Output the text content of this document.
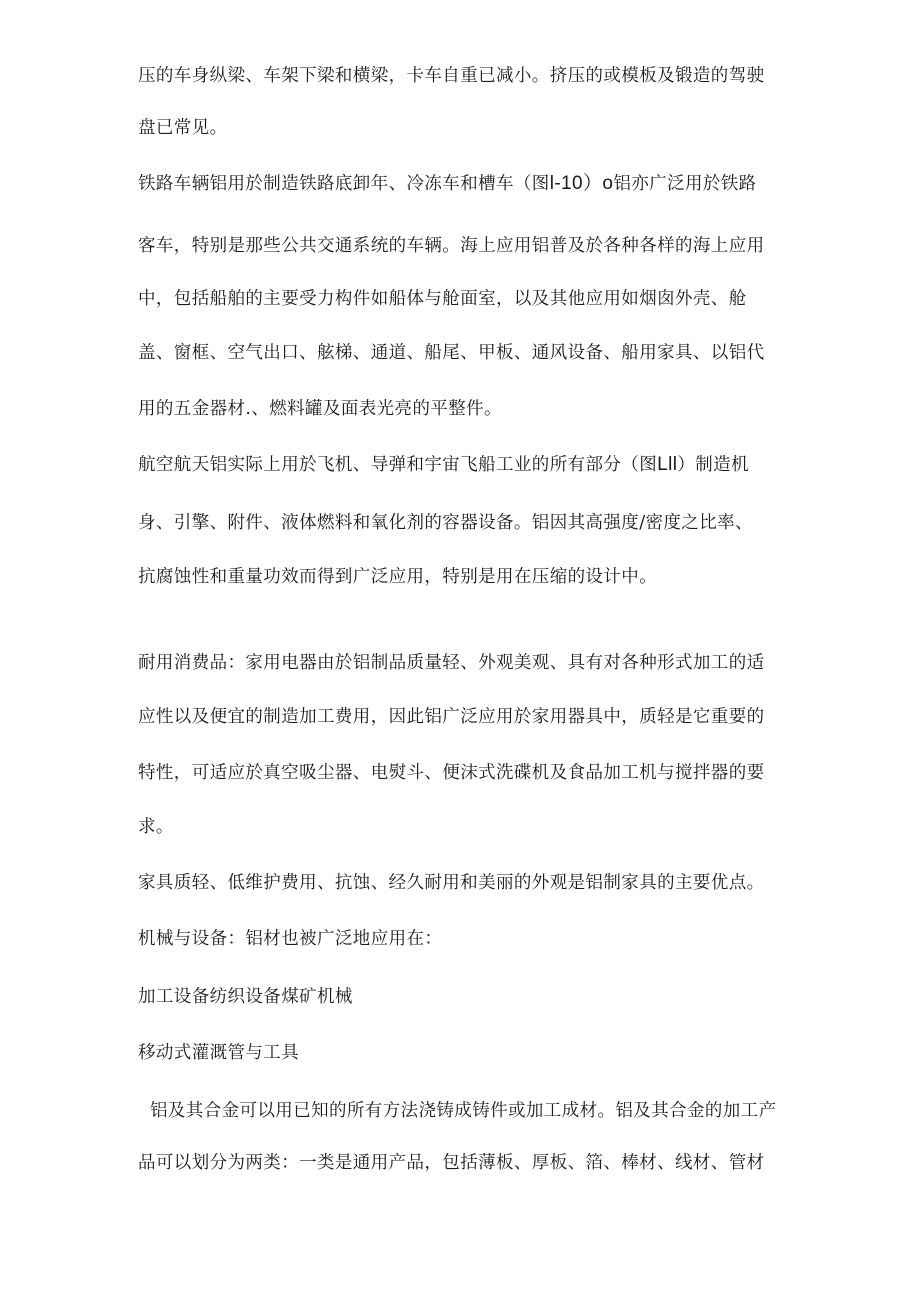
压的车身纵梁、车架下梁和横梁，卡车自重已减小。挤压的或模板及锻造的驾驶
盘已常见。
铁路车辆铝用於制造铁路底卸年、冷冻车和槽车（图l-10）o铝亦广泛用於铁路
客车，特别是那些公共交通系统的车辆。海上应用铝普及於各种各样的海上应用
中，包括船舶的主要受力构件如船体与舱面室，以及其他应用如烟囱外壳、舱
盖、窗框、空气出口、舷梯、通道、船尾、甲板、通风设备、船用家具、以铝代
用的五金器材.、燃料罐及面表光亮的平整件。
航空航天铝实际上用於飞机、导弹和宇宙飞船工业的所有部分（图Lll）制造机
身、引擎、附件、液体燃料和氧化剂的容器设备。铝因其高强度/密度之比率、
抗腐蚀性和重量功效而得到广泛应用，特别是用在压缩的设计中。
耐用消费品：家用电器由於铝制品质量轻、外观美观、具有对各种形式加工的适
应性以及便宜的制造加工费用，因此铝广泛应用於家用器具中，质轻是它重要的
特性，可适应於真空吸尘器、电熨斗、便沫式洗碟机及食品加工机与搅拌器的要
求。
家具质轻、低维护费用、抗蚀、经久耐用和美丽的外观是铝制家具的主要优点。
机械与设备：铝材也被广泛地应用在：
加工设备纺织设备煤矿机械
移动式灌溉管与工具
铝及其合金可以用已知的所有方法浇铸成铸件或加工成材。铝及其合金的加工产
品可以划分为两类：一类是通用产品，包括薄板、厚板、箔、棒材、线材、管材
